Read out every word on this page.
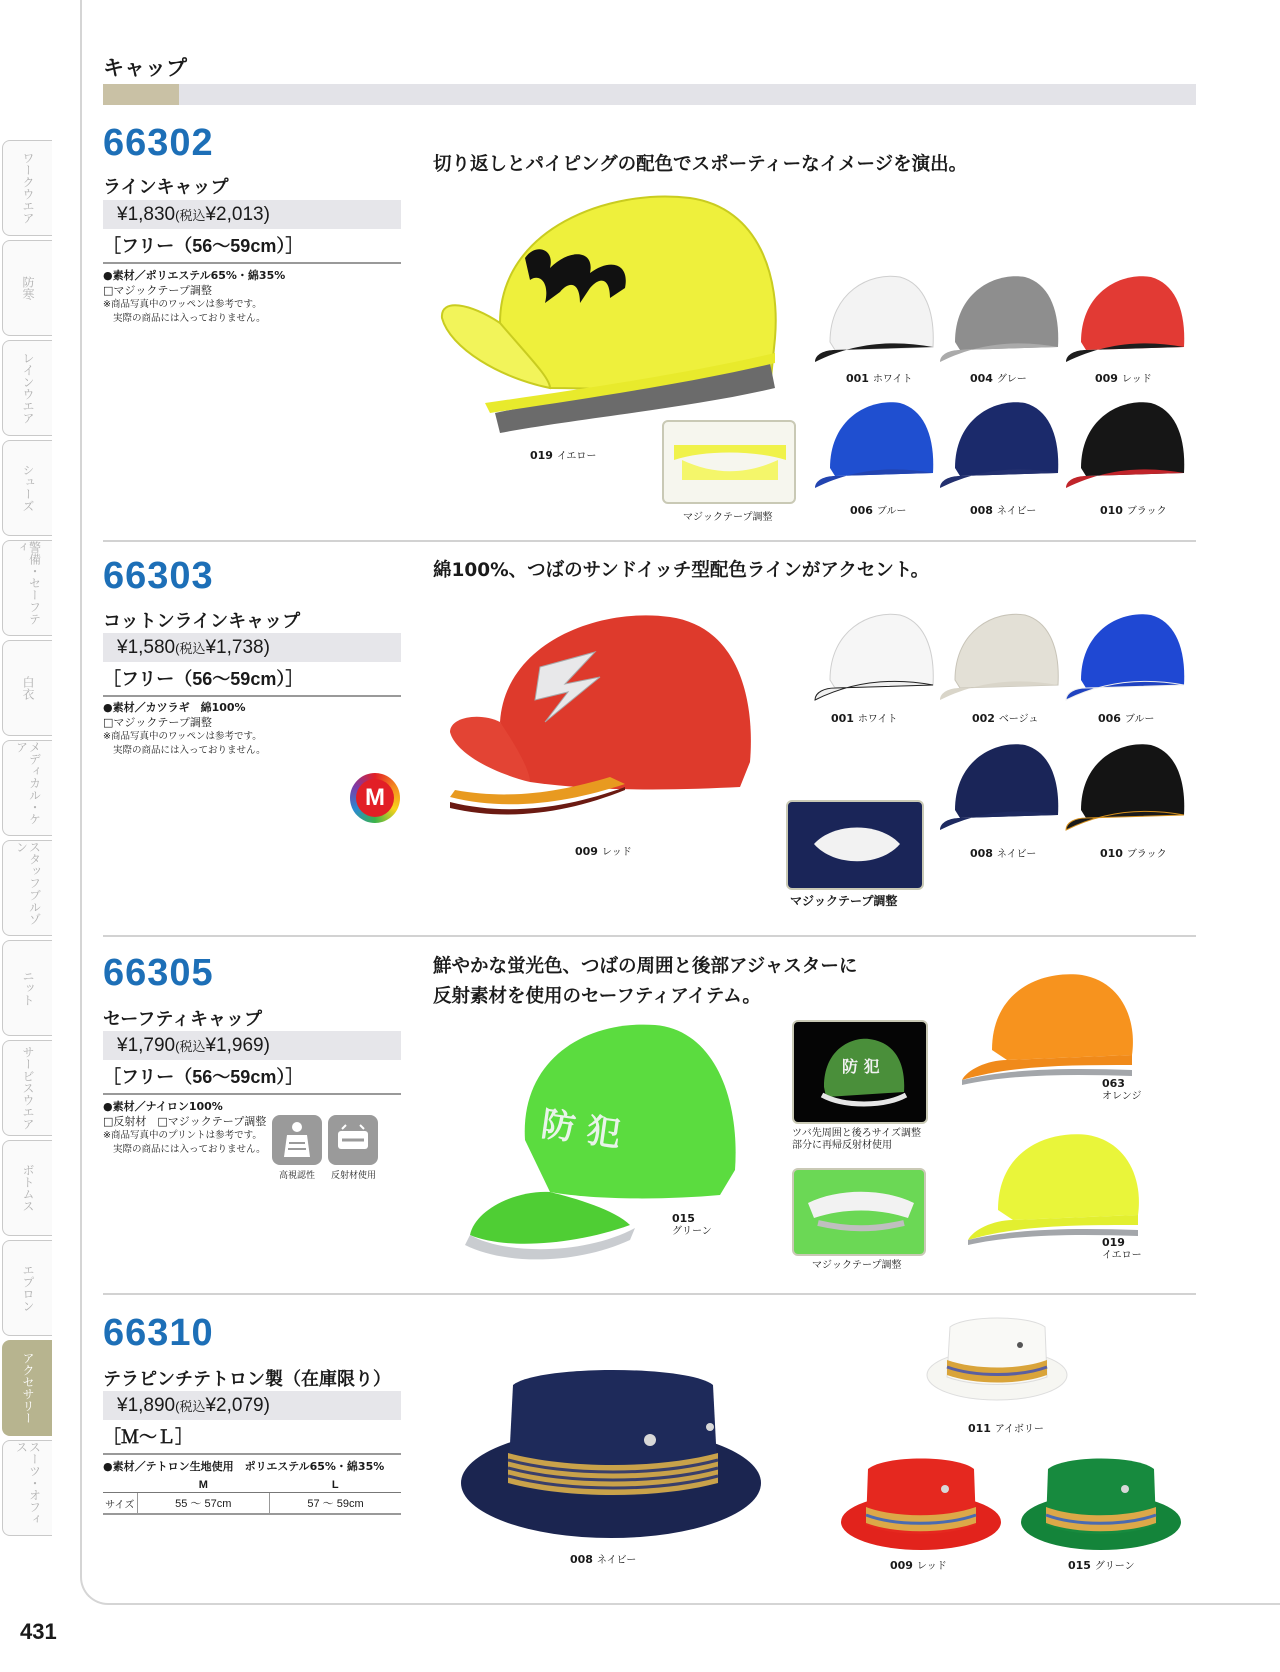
ワークウエア
防寒
レインウエア
シューズ
警備・セーフティ
白衣
メディカル・ケア
スタッフブルゾン
ニット
サービスウエア
ボトムス
エプロン
アクセサリー
スーツ・オフィス
431
キャップ
66302
ラインキャップ
¥1,830(税込¥2,013)
［フリー（56～59cm）］
●素材／ポリエステル65%・綿35%
□マジックテープ調整
※商品写真中のワッペンは参考です。
実際の商品には入っておりません。
切り返しとパイピングの配色でスポーティーなイメージを演出。
019 イエロー
マジックテープ調整
001 ホワイト	004 グレー	009 レッド
006 ブルー	008 ネイビー	010 ブラック
66303
コットンラインキャップ
¥1,580(税込¥1,738)
［フリー（56～59cm）］
●素材／カツラギ　綿100%
□マジックテープ調整
※商品写真中のワッペンは参考です。
実際の商品には入っておりません。
M
綿100%、つばのサンドイッチ型配色ラインがアクセント。
009 レッド
マジックテープ調整
001 ホワイト	002 ベージュ	006 ブルー
008 ネイビー	010 ブラック
66305
セーフティキャップ
¥1,790(税込¥1,969)
［フリー（56～59cm）］
●素材／ナイロン100%
□反射材　□マジックテープ調整
※商品写真中のプリントは参考です。
実際の商品には入っておりません。
高視認性 反射材使用
鮮やかな蛍光色、つばの周囲と後部アジャスターに
反射素材を使用のセーフティアイテム。
防 犯
015
グリーン
防 犯
ツバ先周囲と後ろサイズ調整
部分に再帰反射材使用
マジックテープ調整
063
オレンジ
019
イエロー
66310
テラピンチテトロン製（在庫限り）
¥1,890(税込¥2,079)
［Ｍ～Ｌ］
●素材／テトロン生地使用　ポリエステル65%・綿35%
	M	L
サイズ	55 ～ 57cm	57 ～ 59cm
008 ネイビー
011 アイボリー
009 レッド	015 グリーン
